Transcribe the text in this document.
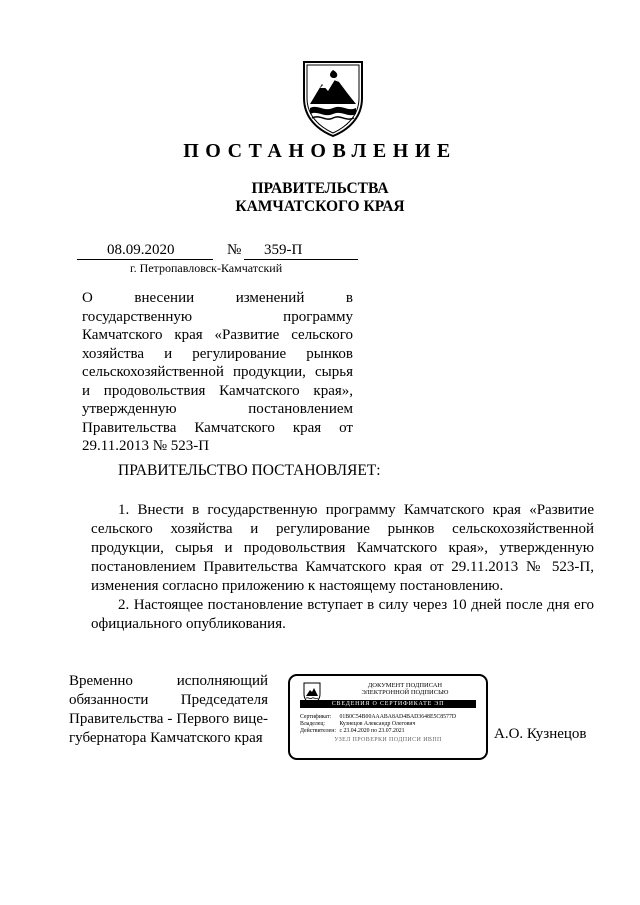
ПОСТАНОВЛЕНИЕ
ПРАВИТЕЛЬСТВА
КАМЧАТСКОГО КРАЯ
08.09.2020	№ 359-П
г. Петропавловск-Камчатский
О внесении изменений в
государственную программу
Камчатского края «Развитие сельского
хозяйства и регулирование рынков
сельскохозяйственной продукции, сырья
и продовольствия Камчатского края»,
утвержденную постановлением
Правительства Камчатского края от
29.11.2013 № 523-П
ПРАВИТЕЛЬСТВО ПОСТАНОВЛЯЕТ:

1. Внести в государственную программу Камчатского края «Развитие сельского хозяйства и регулирование рынков сельскохозяйственной продукции, сырья и продовольствия Камчатского края», утвержденную постановлением Правительства Камчатского края от 29.11.2013 № 523-П, изменения согласно приложению к настоящему постановлению.

2. Настоящее постановление вступает в силу через 10 дней после дня его официального опубликования.

Временно исполняющий
обязанности Председателя
Правительства - Первого вице-
губернатора Камчатского края
ДОКУМЕНТ ПОДПИСАН
ЭЛЕКТРОННОЙ ПОДПИСЬЮ
СВЕДЕНИЯ О СЕРТИФИКАТЕ ЭП
Сертификат: 01B0C54B00AAABA8AD4BAD3648E5C8577D
Владелец: Кузнецов Александр Олегович
Действителен: с 23.04.2020 по 23.07.2021
УЗЕЛ ПРОВЕРКИ ПОДПИСИ ИВПП	А.О. Кузнецов
